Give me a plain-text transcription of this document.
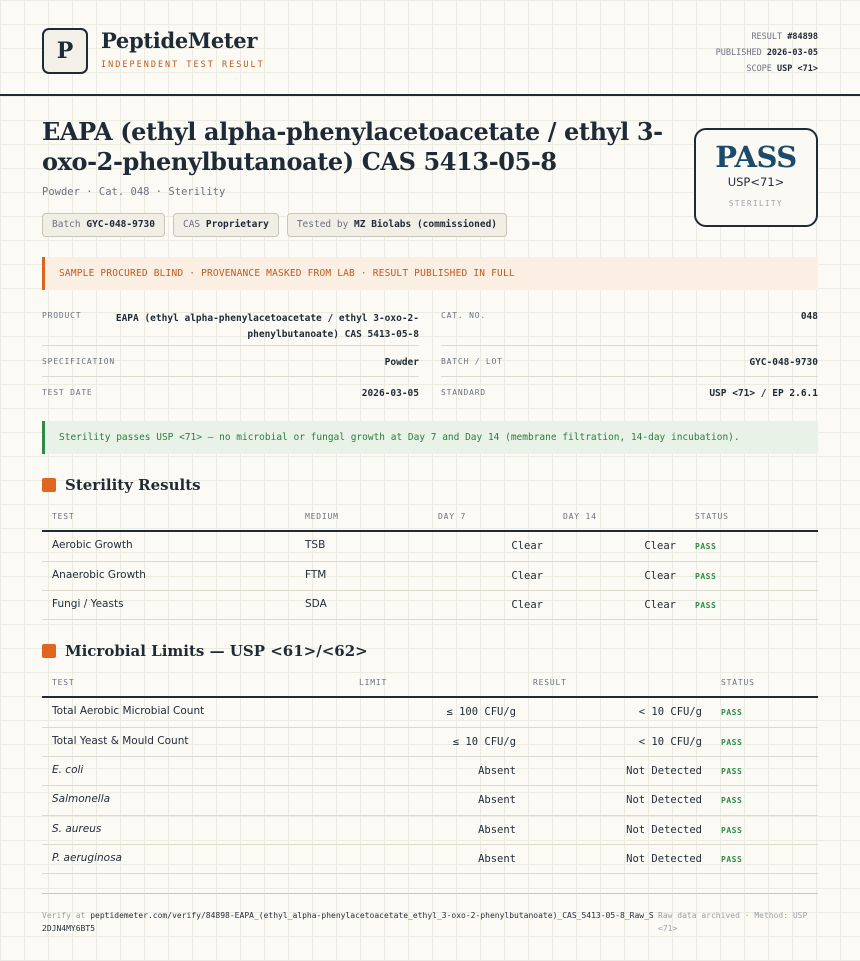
P	PeptideMeter
INDEPENDENT TEST RESULT
RESULT #84898
PUBLISHED 2026-03-05
SCOPE USP <71>
EAPA (ethyl alpha-phenylacetoacetate / ethyl 3-oxo-2-phenylbutanoate) CAS 5413-05-8
Powder · Cat. 048 · Sterility
Batch GYC-048-9730	CAS Proprietary	Tested by MZ Biolabs (commissioned)
PASS
USP<71>
STERILITY
SAMPLE PROCURED BLIND · PROVENANCE MASKED FROM LAB · RESULT PUBLISHED IN FULL
PRODUCT	EAPA (ethyl alpha-phenylacetoacetate / ethyl 3-oxo-2-phenylbutanoate) CAS 5413-05-8
CAT. NO.	048
SPECIFICATION	Powder	BATCH / LOT	GYC-048-9730
TEST DATE	2026-03-05	STANDARD	USP <71> / EP 2.6.1
Sterility passes USP <71> — no microbial or fungal growth at Day 7 and Day 14 (membrane filtration, 14-day incubation).
Sterility Results
TEST	MEDIUM	DAY 7	DAY 14	STATUS
Aerobic Growth	TSB	Clear	Clear PASS
Anaerobic Growth	FTM	Clear	Clear PASS
Fungi / Yeasts	SDA	Clear	Clear PASS
Microbial Limits — USP <61>/<62>
TEST	LIMIT	RESULT	STATUS
Total Aerobic Microbial Count	≤ 100 CFU/g	< 10 CFU/g PASS
Total Yeast & Mould Count	≤ 10 CFU/g	< 10 CFU/g PASS
E. coli	Absent	Not Detected PASS
Salmonella	Absent	Not Detected PASS
S. aureus	Absent	Not Detected PASS
P. aeruginosa	Absent	Not Detected PASS
Verify at peptidemeter.com/verify/84898-EAPA_(ethyl_alpha-phenylacetoacetate_ethyl_3-oxo-2-phenylbutanoate)_CAS_5413-05-8_Raw_S2DJN4MY6BT5
Raw data archived · Method: USP <71>
